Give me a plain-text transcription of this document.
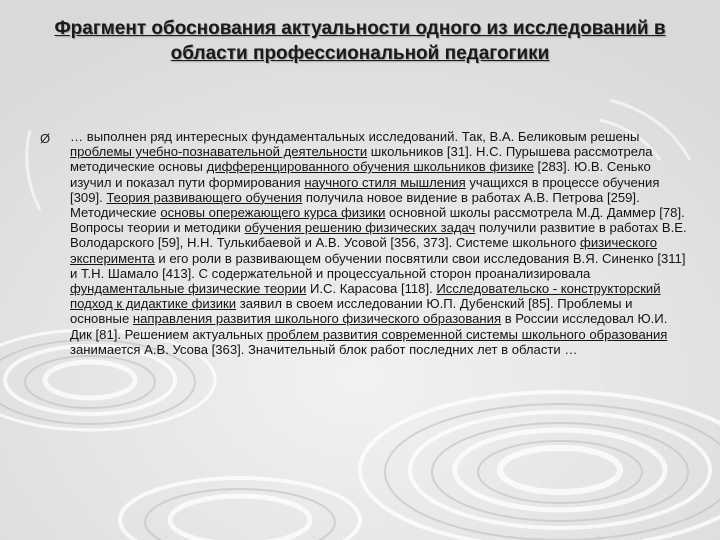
Фрагмент обоснования актуальности одного из исследований в области профессиональной педагогики
Ø … выполнен ряд интересных фундаментальных исследований. Так, В.А. Беликовым решены проблемы учебно-познавательной деятельности школьников [31]. Н.С. Пурышева рассмотрела методические основы дифференцированного обучения школьников физике [283]. Ю.В. Сенько изучил и показал пути формирования научного стиля мышления учащихся в процессе обучения [309]. Теория развивающего обучения получила новое видение в работах А.В. Петрова [259]. Методические основы опережающего курса физики основной школы рассмотрела М.Д. Даммер [78]. Вопросы теории и методики обучения решению физических задач получили развитие в работах В.Е. Володарского [59], Н.Н. Тулькибаевой и А.В. Усовой [356, 373]. Системе школьного физического эксперимента и его роли в развивающем обучении посвятили свои исследования В.Я. Синенко [311] и Т.Н. Шамало [413]. С содержательной и процессуальной сторон проанализировала фундаментальные физические теории И.С. Карасова [118]. Исследовательско - конструкторский подход к дидактике физики заявил в своем исследовании Ю.П. Дубенский [85]. Проблемы и основные направления развития школьного физического образования в России исследовал Ю.И. Дик [81]. Решением актуальных проблем развития современной системы школьного образования занимается А.В. Усова [363]. Значительный блок работ последних лет в области …
